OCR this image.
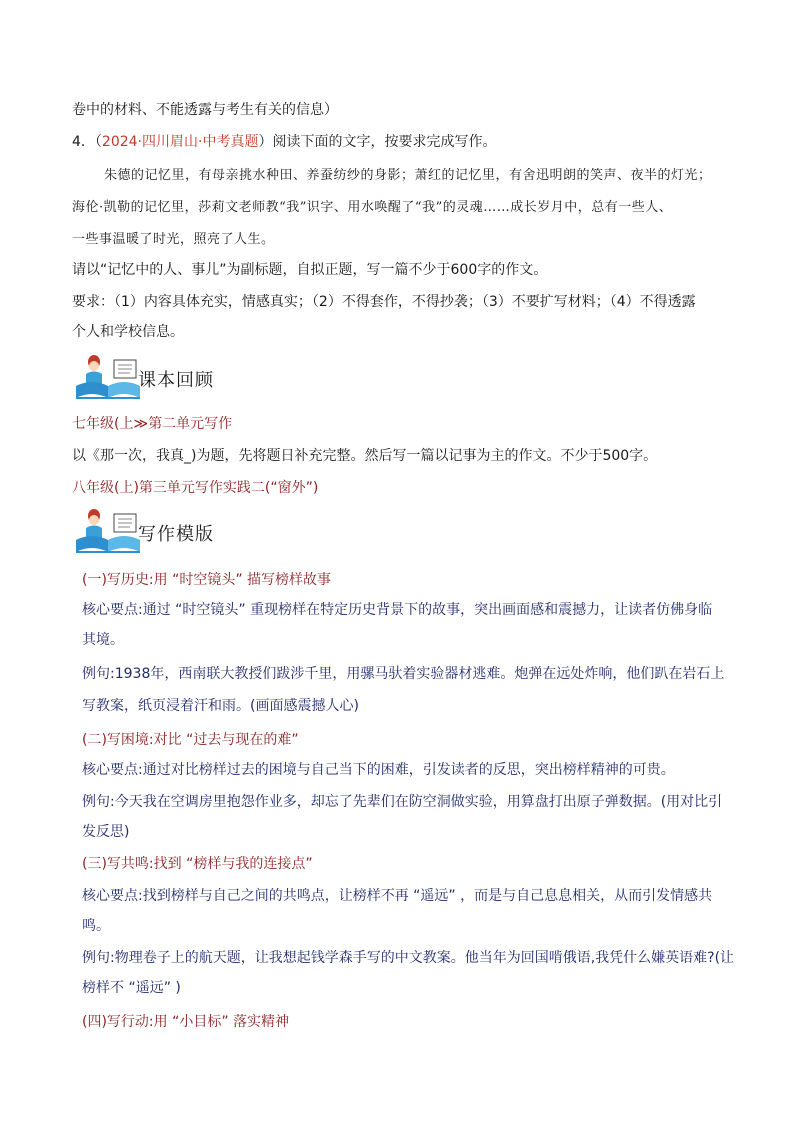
卷中的材料、不能透露与考生有关的信息）
4．（2024·四川眉山·中考真题）阅读下面的文字，按要求完成写作。
朱德的记忆里，有母亲挑水种田、养蚕纺纱的身影；萧红的记忆里，有舍迅明朗的笑声、夜半的灯光；
海伦·凯勒的记忆里，莎莉文老师教“我”识字、用水唤醒了“我”的灵魂……成长岁月中，总有一些人、
一些事温暖了时光，照亮了人生。
请以“记忆中的人、事儿”为副标题，自拟正题，写一篇不少于600字的作文。
要求：（1）内容具体充实，情感真实；（2）不得套作，不得抄袭；（3）不要扩写材料；（4）不得透露
个人和学校信息。
课本回顾
七年级(上≫第二单元写作
以《那一次，我真_)为题，先将题日补充完整。然后写一篇以记事为主的作文。不少于500字。
八年级(上)第三单元写作实践二(“窗外”)
写作模版
(一)写历史:用 “时空镜头” 描写榜样故事
核心要点:通过 “时空镜头” 重现榜样在特定历史背景下的故事，突出画面感和震撼力，让读者仿佛身临
其境。
例句:1938年，西南联大教授们跋涉千里，用骡马驮着实验器材逃难。炮弹在远处炸响，他们趴在岩石上
写教案，纸页浸着汗和雨。(画面感震撼人心)
(二)写困境:对比 “过去与现在的难”
核心要点:通过对比榜样过去的困境与自己当下的困难，引发读者的反思，突出榜样精神的可贵。
例句:今天我在空调房里抱怨作业多，却忘了先辈们在防空洞做实验，用算盘打出原子弹数据。(用对比引
发反思)
(三)写共鸣:找到 “榜样与我的连接点”
核心要点:找到榜样与自己之间的共鸣点，让榜样不再 “遥远” ，而是与自己息息相关，从而引发情感共
鸣。
例句:物理卷子上的航天题，让我想起钱学森手写的中文教案。他当年为回国啃俄语,我凭什么嫌英语难?(让
榜样不 “遥远” )
(四)写行动:用 “小目标” 落实精神
